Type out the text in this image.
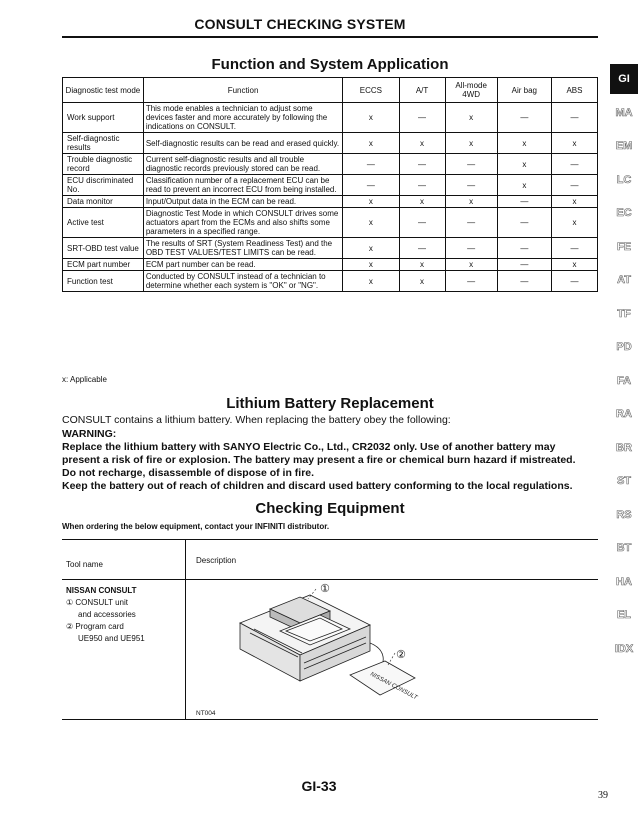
CONSULT CHECKING SYSTEM
Function and System Application
Diagnostic test mode	Function	ECCS	A/T	All-mode 4WD	Air bag	ABS
Work support	This mode enables a technician to adjust some devices faster and more accurately by following the indications on CONSULT.	x	—	x	—	—
Self-diagnostic results	Self-diagnostic results can be read and erased quickly.	x	x	x	x	x
Trouble diagnostic record	Current self-diagnostic results and all trouble diagnostic records previously stored can be read.	—	—	—	x	—
ECU discriminated No.	Classification number of a replacement ECU can be read to prevent an incorrect ECU from being installed.	—	—	—	x	—
Data monitor	Input/Output data in the ECM can be read.	x	x	x	—	x
Active test	Diagnostic Test Mode in which CONSULT drives some actuators apart from the ECMs and also shifts some parameters in a specified range.	x	—	—	—	x
SRT-OBD test value	The results of SRT (System Readiness Test) and the OBD TEST VALUES/TEST LIMITS can be read.	x	—	—	—	—
ECM part number	ECM part number can be read.	x	x	x	—	x
Function test	Conducted by CONSULT instead of a technician to determine whether each system is "OK" or "NG".	x	x	—	—	—
x: Applicable
Lithium Battery Replacement
CONSULT contains a lithium battery. When replacing the battery obey the following:
WARNING:
Replace the lithium battery with SANYO Electric Co., Ltd., CR2032 only. Use of another battery may
present a risk of fire or explosion. The battery may present a fire or chemical burn hazard if mistreated.
Do not recharge, disassemble of dispose of in fire.
Keep the battery out of reach of children and discard used battery conforming to the local regulations.
Checking Equipment
When ordering the below equipment, contact your INFINITI distributor.
Tool name	Description
NISSAN CONSULT
① CONSULT unit
and accessories
② Program card
UE950 and UE951
①
②
NISSAN CONSULT
NT004
GI
MA
EM
LC
EC
FE
AT
TF
PD
FA
RA
BR
ST
RS
BT
HA
EL
IDX
GI-33
39
